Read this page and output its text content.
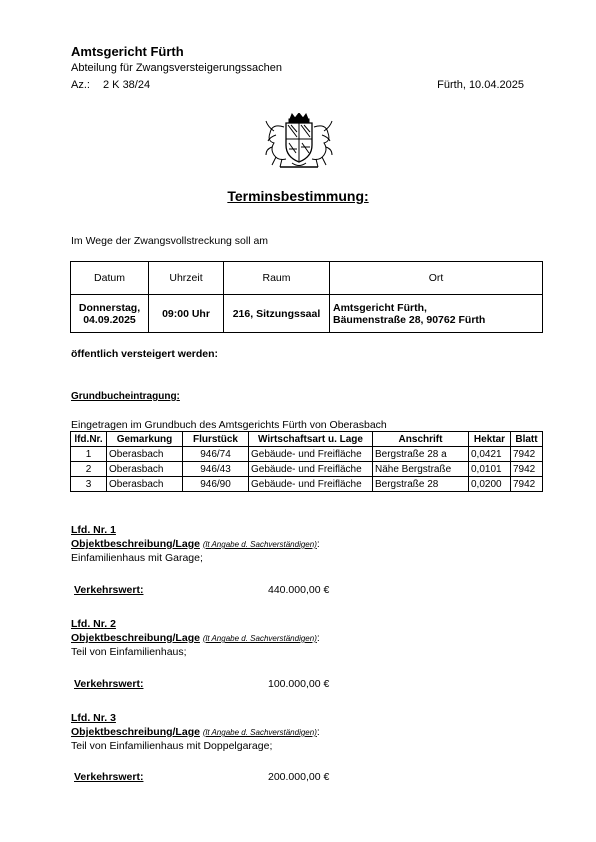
Amtsgericht Fürth
Abteilung für Zwangsversteigerungssachen
Az.: 2 K 38/24	Fürth, 10.04.2025
Terminsbestimmung:
Im Wege der Zwangsvollstreckung soll am
Datum	Uhrzeit	Raum	Ort
Donnerstag,
04.09.2025	09:00 Uhr	216, Sitzungssaal	Amtsgericht Fürth,
Bäumenstraße 28, 90762 Fürth
öffentlich versteigert werden:
Grundbucheintragung:
Eingetragen im Grundbuch des Amtsgerichts Fürth von Oberasbach
lfd.Nr.	Gemarkung	Flurstück	Wirtschaftsart u. Lage	Anschrift	Hektar	Blatt
1	Oberasbach	946/74	Gebäude- und Freifläche	Bergstraße 28 a	0,0421	7942
2	Oberasbach	946/43	Gebäude- und Freifläche	Nähe Bergstraße	0,0101	7942
3	Oberasbach	946/90	Gebäude- und Freifläche	Bergstraße 28	0,0200	7942
Lfd. Nr. 1
Objektbeschreibung/Lage (lt Angabe d. Sachverständigen):
Einfamilienhaus mit Garage;
Verkehrswert:	440.000,00 €
Lfd. Nr. 2
Objektbeschreibung/Lage (lt Angabe d. Sachverständigen):
Teil von Einfamilienhaus;
Verkehrswert:	100.000,00 €
Lfd. Nr. 3
Objektbeschreibung/Lage (lt Angabe d. Sachverständigen):
Teil von Einfamilienhaus mit Doppelgarage;
Verkehrswert:	200.000,00 €
